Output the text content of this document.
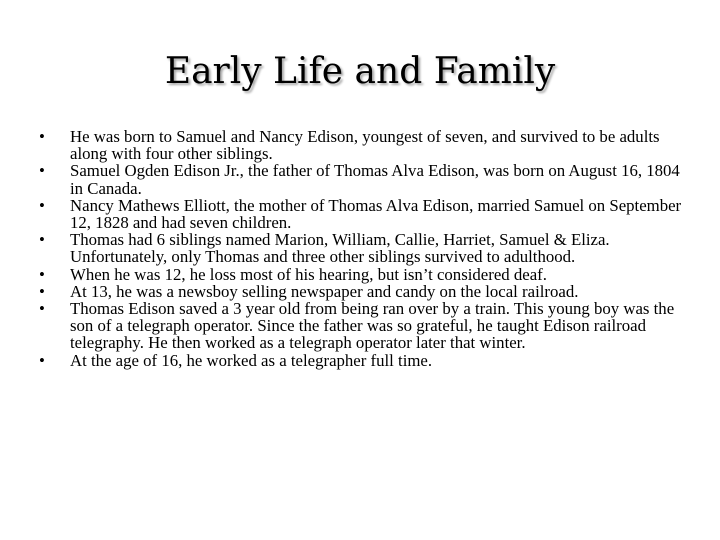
Early Life and Family
• He was born to Samuel and Nancy Edison, youngest of seven, and survived to be adults along with four other siblings.
• Samuel Ogden Edison Jr., the father of Thomas Alva Edison, was born on August 16, 1804 in Canada.
• Nancy Mathews Elliott, the mother of Thomas Alva Edison, married Samuel on September 12, 1828 and had seven children.
• Thomas had 6 siblings named Marion, William, Callie, Harriet, Samuel & Eliza. Unfortunately, only Thomas and three other siblings survived to adulthood.
• When he was 12, he loss most of his hearing, but isn’t considered deaf.
• At 13, he was a newsboy selling newspaper and candy on the local railroad.
• Thomas Edison saved a 3 year old from being ran over by a train. This young boy was the son of a telegraph operator. Since the father was so grateful, he taught Edison railroad telegraphy. He then worked as a telegraph operator later that winter.
• At the age of 16, he worked as a telegrapher full time.
